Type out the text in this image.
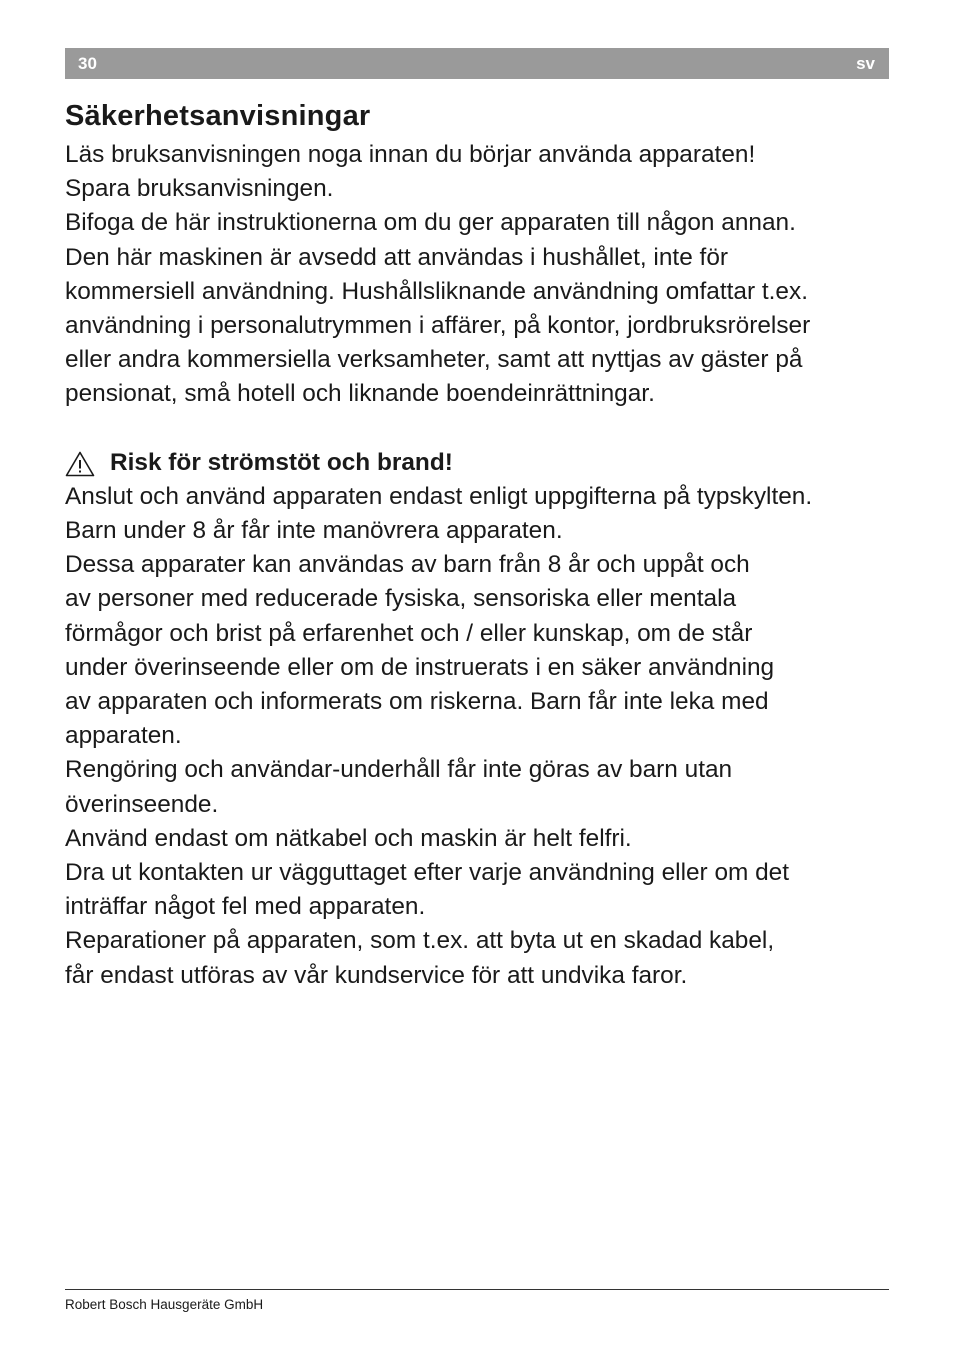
30	sv
Säkerhetsanvisningar

Läs bruksanvisningen noga innan du börjar använda apparaten!

Spara bruksanvisningen.

Bifoga de här instruktionerna om du ger apparaten till någon annan.

Den här maskinen är avsedd att användas i hushållet, inte för

kommersiell användning. Hushållsliknande användning omfattar t.ex.

användning i personalutrymmen i affärer, på kontor, jordbruksrörelser

eller andra kommersiella verksamheter, samt att nyttjas av gäster på

pensionat, små hotell och liknande boendeinrättningar.

Risk för strömstöt och brand!

Anslut och använd apparaten endast enligt uppgifterna på typskylten.

Barn under 8 år får inte manövrera apparaten.

Dessa apparater kan användas av barn från 8 år och uppåt och

av personer med reducerade fysiska, sensoriska eller mentala

förmågor och brist på erfarenhet och / eller kunskap, om de står

under överinseende eller om de instruerats i en säker användning

av apparaten och informerats om riskerna. Barn får inte leka med

apparaten.

Rengöring och användar-underhåll får inte göras av barn utan

överinseende.

Använd endast om nätkabel och maskin är helt felfri.

Dra ut kontakten ur vägguttaget efter varje användning eller om det

inträffar något fel med apparaten.

Reparationer på apparaten, som t.ex. att byta ut en skadad kabel,

får endast utföras av vår kundservice för att undvika faror.

Robert Bosch Hausgeräte GmbH
